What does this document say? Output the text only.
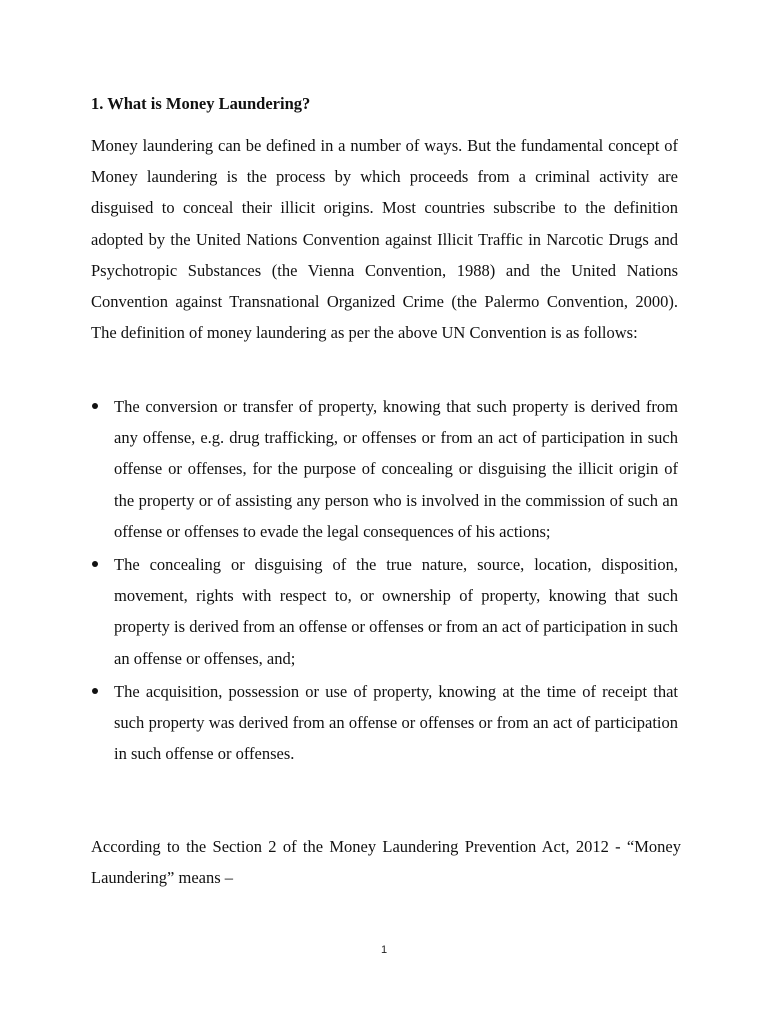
1. What is Money Laundering?

Money laundering can be defined in a number of ways. But the fundamental concept of Money laundering is the process by which proceeds from a criminal activity are disguised to conceal their illicit origins. Most countries subscribe to the definition adopted by the United Nations Convention against Illicit Traffic in Narcotic Drugs and Psychotropic Substances (the Vienna Convention, 1988) and the United Nations Convention against Transnational Organized Crime (the Palermo Convention, 2000). The definition of money laundering as per the above UN Convention is as follows:

The conversion or transfer of property, knowing that such property is derived from any offense, e.g. drug trafficking, or offenses or from an act of participation in such offense or offenses, for the purpose of concealing or disguising the illicit origin of the property or of assisting any person who is involved in the commission of such an offense or offenses to evade the legal consequences of his actions;
The concealing or disguising of the true nature, source, location, disposition, movement, rights with respect to, or ownership of property, knowing that such property is derived from an offense or offenses or from an act of participation in such an offense or offenses, and;
The acquisition, possession or use of property, knowing at the time of receipt that such property was derived from an offense or offenses or from an act of participation in such offense or offenses.

According to the Section 2 of the Money Laundering Prevention Act, 2012 - “Money Laundering” means –

1
